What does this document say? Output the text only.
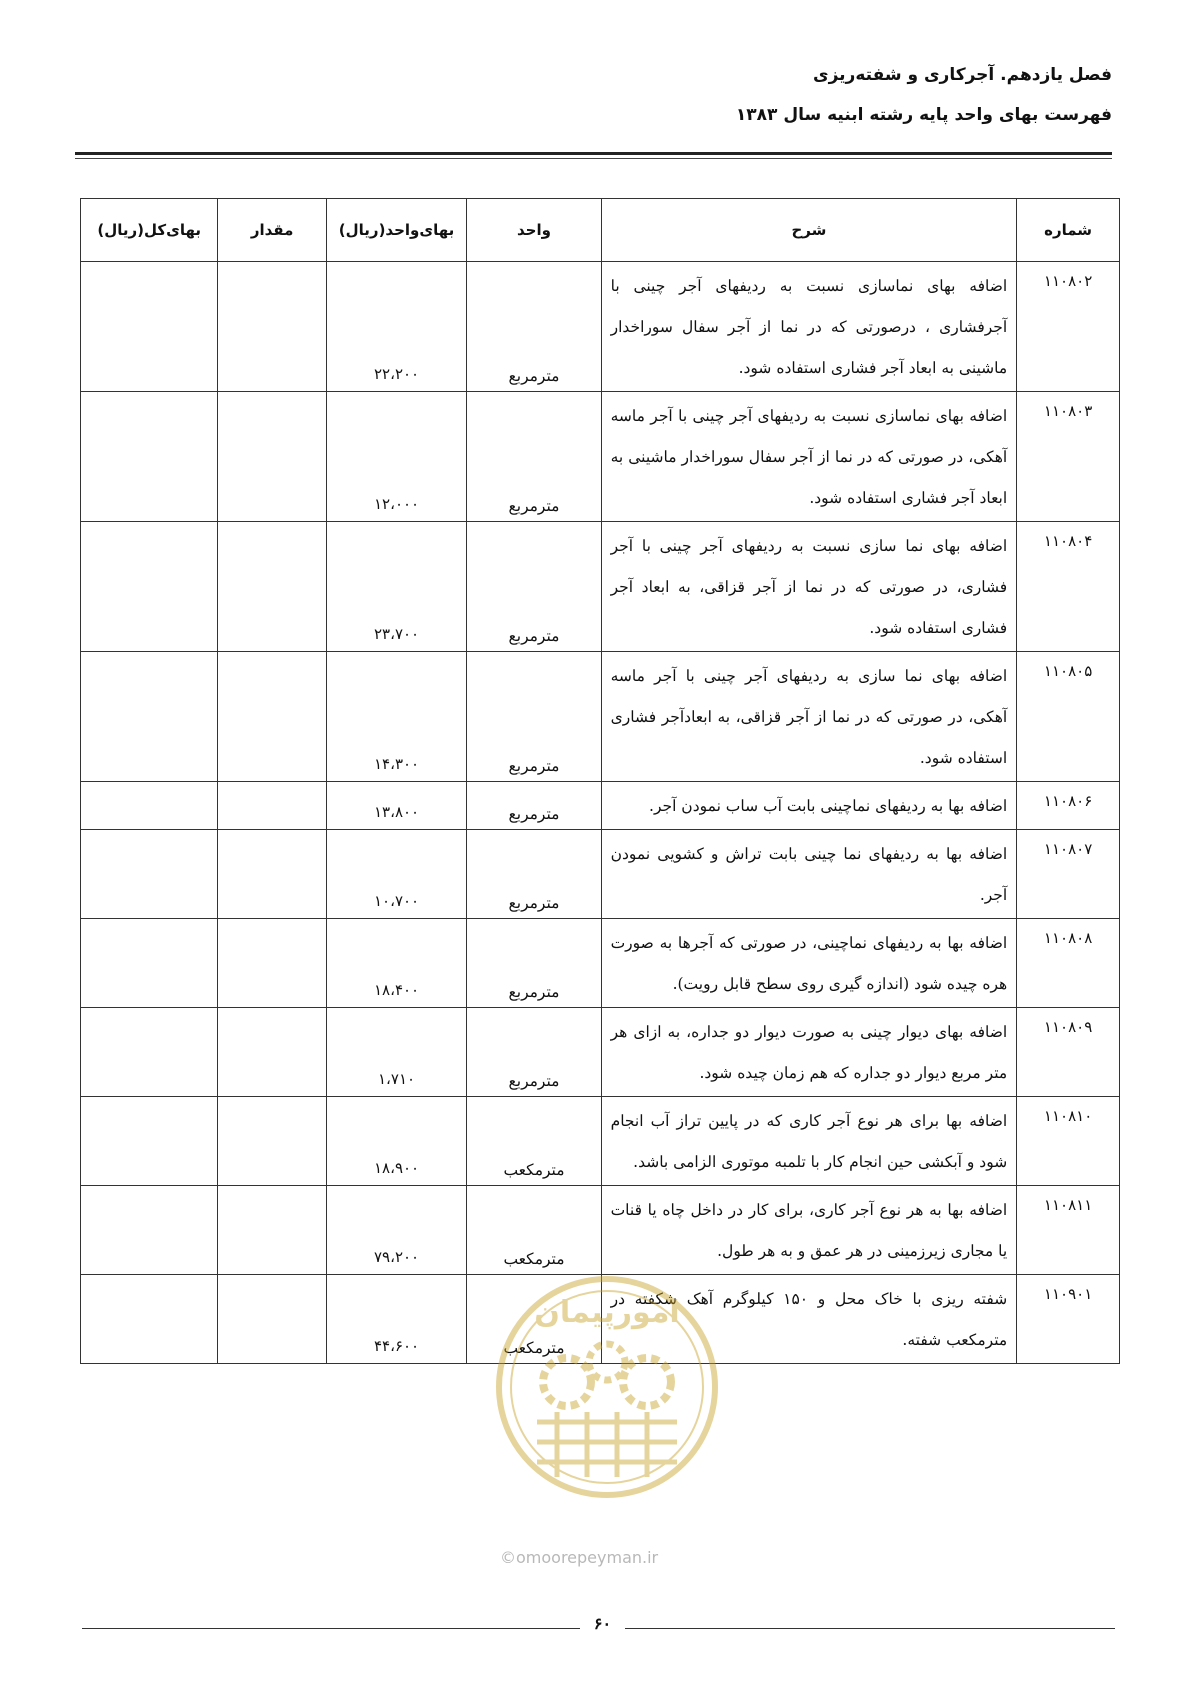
فصل یازدهم. آجرکاری و شفته‌ریزی
فهرست بهای واحد پایه رشته ابنیه سال ۱۳۸۳
شماره	شرح	واحد	بهای‌واحد(ریال)	مقدار	بهای‌کل(ریال)
۱۱۰۸۰۲	اضافه بهای نماسازی نسبت به ردیفهای آجر چینی با آجرفشاری ، درصورتی که در نما از آجر سفال سوراخدار ماشینی به ابعاد آجر فشاری استفاده شود.	مترمربع	۲۲،۲۰۰		
۱۱۰۸۰۳	اضافه بهای نماسازی نسبت به ردیفهای آجر چینی با آجر ماسه آهکی، در صورتی که در نما از آجر سفال سوراخدار ماشینی به ابعاد آجر فشاری استفاده شود.	مترمربع	۱۲،۰۰۰		
۱۱۰۸۰۴	اضافه بهای نما سازی نسبت به ردیفهای آجر چینی با آجر فشاری، در صورتی که در نما از آجر قزاقی، به ابعاد آجر فشاری استفاده شود.	مترمربع	۲۳،۷۰۰		
۱۱۰۸۰۵	اضافه بهای نما سازی به ردیفهای آجر چینی با آجر ماسه آهکی، در صورتی که در نما از آجر قزاقی، به ابعادآجر فشاری استفاده شود.	مترمربع	۱۴،۳۰۰		
۱۱۰۸۰۶	اضافه بها به ردیفهای نماچینی بابت آب ساب نمودن آجر.	مترمربع	۱۳،۸۰۰		
۱۱۰۸۰۷	اضافه بها به ردیفهای نما چینی بابت تراش و کشویی نمودن آجر.	مترمربع	۱۰،۷۰۰		
۱۱۰۸۰۸	اضافه بها به ردیفهای نماچینی، در صورتی که آجرها به صورت هره چیده شود (اندازه گیری روی سطح قابل رویت).	مترمربع	۱۸،۴۰۰		
۱۱۰۸۰۹	اضافه بهای دیوار چینی به صورت دیوار دو جداره، به ازای هر متر مربع دیوار دو جداره که هم زمان چیده شود.	مترمربع	۱،۷۱۰		
۱۱۰۸۱۰	اضافه بها برای هر نوع آجر کاری که در پایین تراز آب انجام شود و آبکشی حین انجام کار با تلمبه موتوری الزامی باشد.	مترمکعب	۱۸،۹۰۰		
۱۱۰۸۱۱	اضافه بها به هر نوع آجر کاری، برای کار در داخل چاه یا قنات یا مجاری زیرزمینی در هر عمق و به هر طول.	مترمکعب	۷۹،۲۰۰		
۱۱۰۹۰۱	شفته ریزی با خاک محل و ۱۵۰ کیلوگرم آهک شکفته در مترمکعب شفته.	مترمکعب	۴۴،۶۰۰		
امورپیمان
©omoorepeyman.ir
۶۰
